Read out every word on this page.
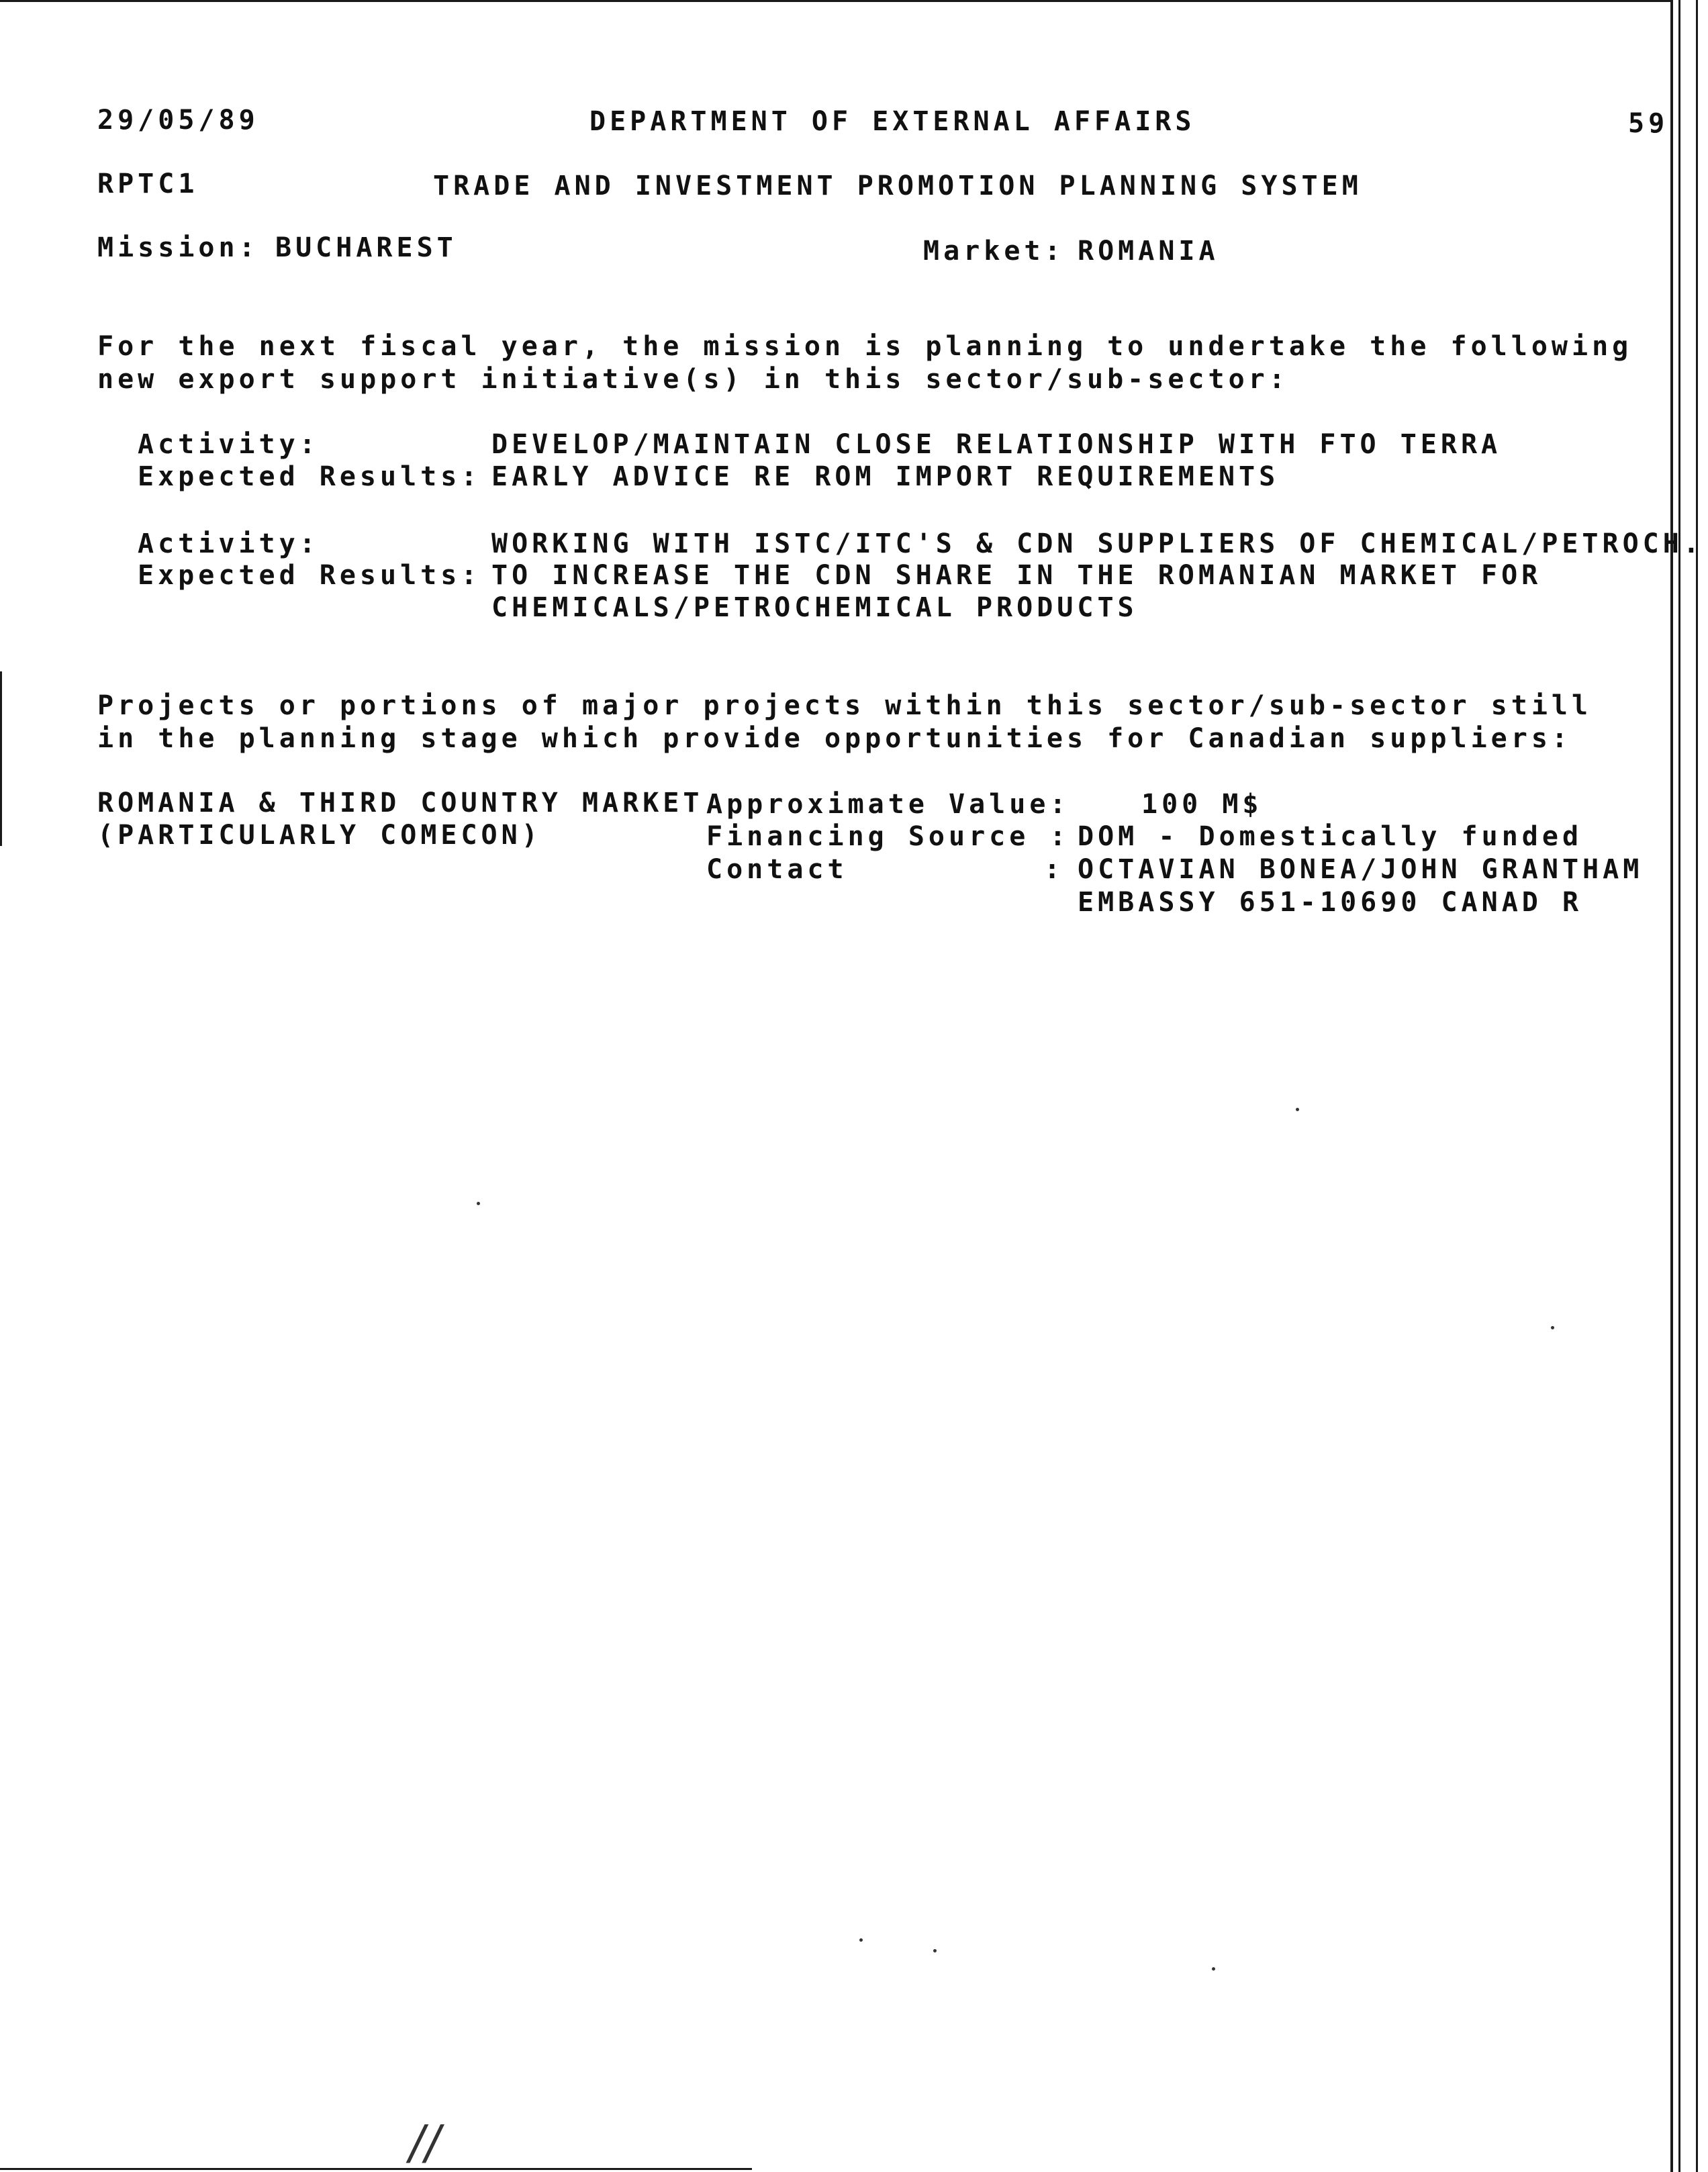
29/05/89	DEPARTMENT OF EXTERNAL AFFAIRS	59
RPTC1	TRADE AND INVESTMENT PROMOTION PLANNING SYSTEM
Mission: BUCHAREST	Market: ROMANIA
For the next fiscal year, the mission is planning to undertake the following
new export support initiative(s) in this sector/sub-sector:
Activity:	DEVELOP/MAINTAIN CLOSE RELATIONSHIP WITH FTO TERRA
Expected Results: EARLY ADVICE RE ROM IMPORT REQUIREMENTS
Activity:	WORKING WITH ISTC/ITC'S & CDN SUPPLIERS OF CHEMICAL/PETROCH.
Expected Results: TO INCREASE THE CDN SHARE IN THE ROMANIAN MARKET FOR
CHEMICALS/PETROCHEMICAL PRODUCTS
Projects or portions of major projects within this sector/sub-sector still
in the planning stage which provide opportunities for Canadian suppliers:
ROMANIA & THIRD COUNTRY MARKET
(PARTICULARLY COMECON)
Approximate Value:	100 M$
Financing Source : DOM - Domestically funded
Contact	: OCTAVIAN BONEA/JOHN GRANTHAM
EMBASSY 651-10690 CANAD R
//
